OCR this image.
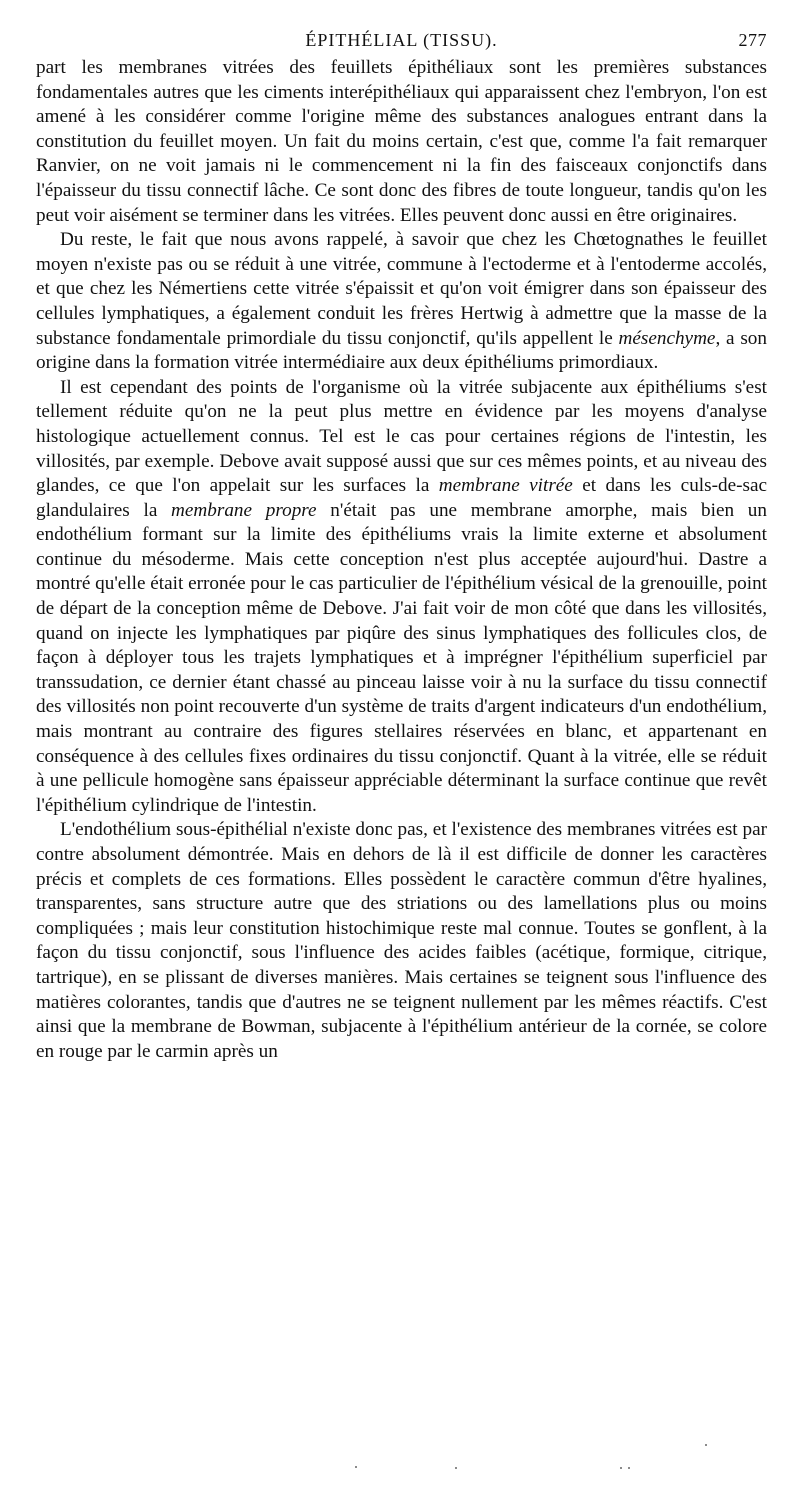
ÉPITHÉLIAL (TISSU).	277

part les membranes vitrées des feuillets épithéliaux sont les premières substances fondamentales autres que les ciments interépithéliaux qui apparaissent chez l'embryon, l'on est amené à les considérer comme l'origine même des substances analogues entrant dans la constitution du feuillet moyen. Un fait du moins certain, c'est que, comme l'a fait remarquer Ranvier, on ne voit jamais ni le commencement ni la fin des faisceaux conjonctifs dans l'épaisseur du tissu connectif lâche. Ce sont donc des fibres de toute longueur, tandis qu'on les peut voir aisément se terminer dans les vitrées. Elles peuvent donc aussi en être originaires.

Du reste, le fait que nous avons rappelé, à savoir que chez les Chœtognathes le feuillet moyen n'existe pas ou se réduit à une vitrée, commune à l'ectoderme et à l'entoderme accolés, et que chez les Némertiens cette vitrée s'épaissit et qu'on voit émigrer dans son épaisseur des cellules lymphatiques, a également conduit les frères Hertwig à admettre que la masse de la substance fondamentale primordiale du tissu conjonctif, qu'ils appellent le mésenchyme, a son origine dans la formation vitrée intermédiaire aux deux épithéliums primordiaux.

Il est cependant des points de l'organisme où la vitrée subjacente aux épithéliums s'est tellement réduite qu'on ne la peut plus mettre en évidence par les moyens d'analyse histologique actuellement connus. Tel est le cas pour certaines régions de l'intestin, les villosités, par exemple. Debove avait supposé aussi que sur ces mêmes points, et au niveau des glandes, ce que l'on appelait sur les surfaces la membrane vitrée et dans les culs-de-sac glandulaires la membrane propre n'était pas une membrane amorphe, mais bien un endothélium formant sur la limite des épithéliums vrais la limite externe et absolument continue du mésoderme. Mais cette conception n'est plus acceptée aujourd'hui. Dastre a montré qu'elle était erronée pour le cas particulier de l'épithélium vésical de la grenouille, point de départ de la conception même de Debove. J'ai fait voir de mon côté que dans les villosités, quand on injecte les lymphatiques par piqûre des sinus lymphatiques des follicules clos, de façon à déployer tous les trajets lymphatiques et à imprégner l'épithélium superficiel par transsudation, ce dernier étant chassé au pinceau laisse voir à nu la surface du tissu connectif des villosités non point recouverte d'un système de traits d'argent indicateurs d'un endothélium, mais montrant au contraire des figures stellaires réservées en blanc, et appartenant en conséquence à des cellules fixes ordinaires du tissu conjonctif. Quant à la vitrée, elle se réduit à une pellicule homogène sans épaisseur appréciable déterminant la surface continue que revêt l'épithélium cylindrique de l'intestin.

L'endothélium sous-épithélial n'existe donc pas, et l'existence des membranes vitrées est par contre absolument démontrée. Mais en dehors de là il est difficile de donner les caractères précis et complets de ces formations. Elles possèdent le caractère commun d'être hyalines, transparentes, sans structure autre que des striations ou des lamellations plus ou moins compliquées ; mais leur constitution histochimique reste mal connue. Toutes se gonflent, à la façon du tissu conjonctif, sous l'influence des acides faibles (acétique, formique, citrique, tartrique), en se plissant de diverses manières. Mais certaines se teignent sous l'influence des matières colorantes, tandis que d'autres ne se teignent nullement par les mêmes réactifs. C'est ainsi que la membrane de Bowman, subjacente à l'épithélium antérieur de la cornée, se colore en rouge par le carmin après un
